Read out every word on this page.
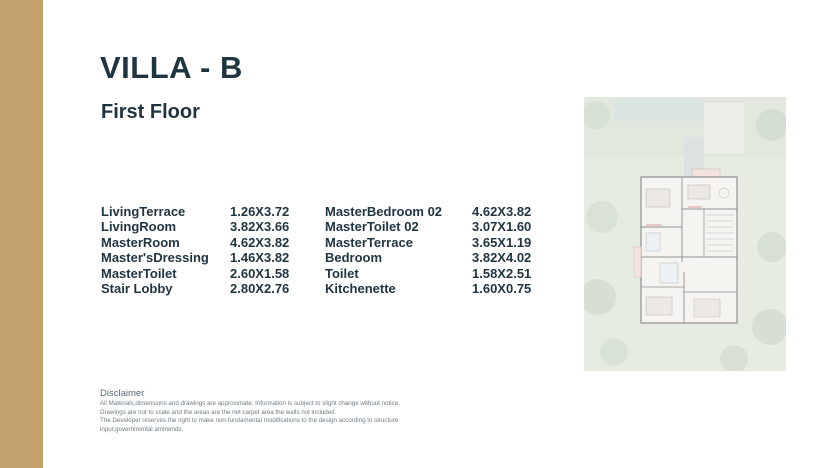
VILLA - B
First Floor
LivingTerrace	1.26X3.72
LivingRoom	3.82X3.66
MasterRoom	4.62X3.82
Master'sDressing	1.46X3.82
MasterToilet	2.60X1.58
Stair Lobby	2.80X2.76
MasterBedroom 02	4.62X3.82
MasterToilet 02	3.07X1.60
MasterTerrace	3.65X1.19
Bedroom	3.82X4.02
Toilet	1.58X2.51
Kitchenette	1.60X0.75
Disclaimer
All Materials,dimensions and drawings are approximate. Information is subject to slight change without notice.
Drawings are not to scale and the areas are the net carpet area the walls not included.
The Developer reserves the right to make non-fundamental modifications to the design according to structure
input,governmental ammends.
